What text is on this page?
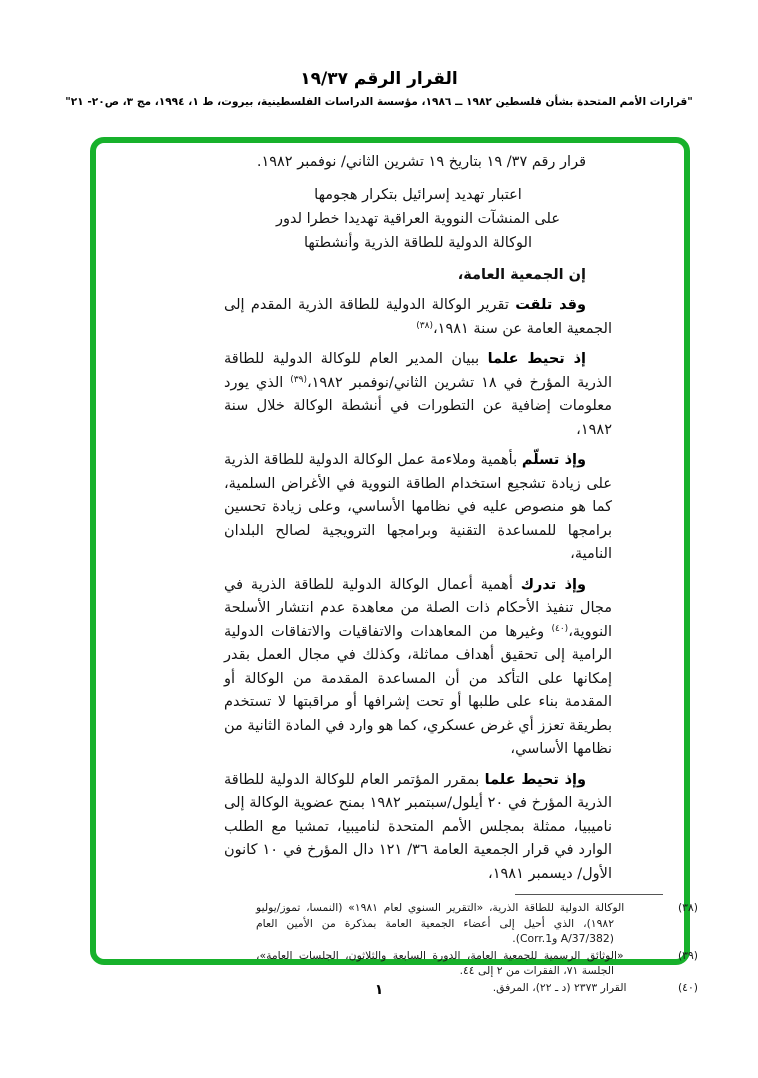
القرار الرقم ١٩/٣٧
"قرارات الأمم المتحدة بشأن فلسطين ١٩٨٢ ــ ١٩٨٦، مؤسسة الدراسات الفلسطينية، بيروت، ط ١، ١٩٩٤، مج ٣، ص٢٠- ٢١"
قرار رقم ٣٧/ ١٩ بتاريخ ١٩ تشرين الثاني/ نوفمبر ١٩٨٢.
اعتبار تهديد إسرائيل بتكرار هجومها
على المنشآت النووية العراقية تهديدا خطرا لدور
الوكالة الدولية للطاقة الذرية وأنشطتها
إن الجمعية العامة،

وقد تلقت تقرير الوكالة الدولية للطاقة الذرية المقدم إلى الجمعية العامة عن سنة ١٩٨١،$^{(٣٨)}$

إذ تحيط علما ببيان المدير العام للوكالة الدولية للطاقة الذرية المؤرخ في ١٨ تشرين الثاني/نوفمبر ١٩٨٢،$^{(٣٩)}$ الذي يورد معلومات إضافية عن التطورات في أنشطة الوكالة خلال سنة ١٩٨٢،

وإذ تسلّم بأهمية وملاءمة عمل الوكالة الدولية للطاقة الذرية على زيادة تشجيع استخدام الطاقة النووية في الأغراض السلمية، كما هو منصوص عليه في نظامها الأساسي، وعلى زيادة تحسين برامجها للمساعدة التقنية وبرامجها الترويجية لصالح البلدان النامية،

وإذ تدرك أهمية أعمال الوكالة الدولية للطاقة الذرية في مجال تنفيذ الأحكام ذات الصلة من معاهدة عدم انتشار الأسلحة النووية،$^{(٤٠)}$ وغيرها من المعاهدات والاتفاقيات والاتفاقات الدولية الرامية إلى تحقيق أهداف مماثلة، وكذلك في مجال العمل بقدر إمكانها على التأكد من أن المساعدة المقدمة من الوكالة أو المقدمة بناء على طلبها أو تحت إشرافها أو مراقبتها لا تستخدم بطريقة تعزز أي غرض عسكري، كما هو وارد في المادة الثانية من نظامها الأساسي،

وإذ تحيط علما بمقرر المؤتمر العام للوكالة الدولية للطاقة الذرية المؤرخ في ٢٠ أيلول/سبتمبر ١٩٨٢ بمنح عضوية الوكالة إلى ناميبيا، ممثلة بمجلس الأمم المتحدة لناميبيا، تمشيا مع الطلب الوارد في قرار الجمعية العامة ٣٦/ ١٢١ دال المؤرخ في ١٠ كانون الأول/ ديسمبر ١٩٨١،

(٣٨) الوكالة الدولية للطاقة الذرية، «التقرير السنوي لعام ١٩٨١» (النمسا، تموز/يوليو ١٩٨٢)، الذي أحيل إلى أعضاء الجمعية العامة بمذكرة من الأمين العام (A/37/382 وCorr.1).
(٣٩) «الوثائق الرسمية للجمعية العامة، الدورة السابعة والثلاثون، الجلسات العامة»، الجلسة ٧١، الفقرات من ٢ إلى ٤٤.
(٤٠) القرار ٢٣٧٣ (د ـ ٢٢)، المرفق.
١
